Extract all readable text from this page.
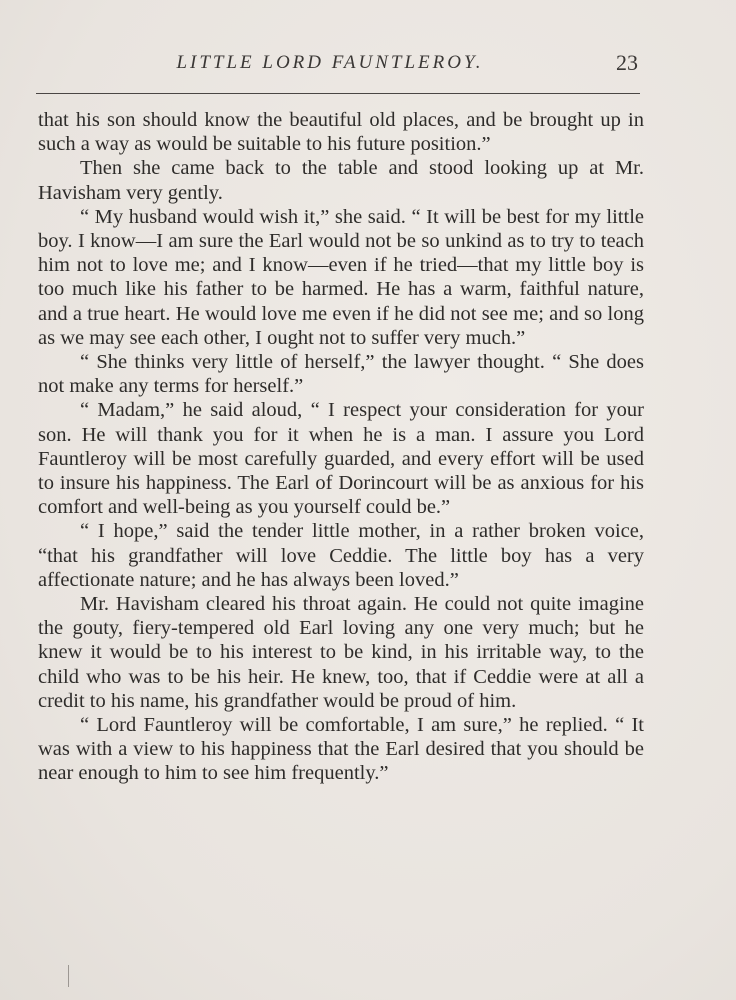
LITTLE LORD FAUNTLEROY.	23

that his son should know the beautiful old places, and be brought up in such a way as would be suitable to his future position.”

Then she came back to the table and stood looking up at Mr. Havisham very gently.

“ My husband would wish it,” she said. “ It will be best for my little boy. I know—I am sure the Earl would not be so unkind as to try to teach him not to love me; and I know—even if he tried—that my little boy is too much like his father to be harmed. He has a warm, faithful nature, and a true heart. He would love me even if he did not see me; and so long as we may see each other, I ought not to suffer very much.”

“ She thinks very little of herself,” the lawyer thought. “ She does not make any terms for herself.”

“ Madam,” he said aloud, “ I respect your consideration for your son. He will thank you for it when he is a man. I assure you Lord Fauntleroy will be most carefully guarded, and every effort will be used to insure his happiness. The Earl of Dorincourt will be as anxious for his comfort and well-being as you yourself could be.”

“ I hope,” said the tender little mother, in a rather broken voice, “that his grandfather will love Ceddie. The little boy has a very affectionate nature; and he has always been loved.”

Mr. Havisham cleared his throat again. He could not quite imagine the gouty, fiery-tempered old Earl loving any one very much; but he knew it would be to his interest to be kind, in his irritable way, to the child who was to be his heir. He knew, too, that if Ceddie were at all a credit to his name, his grandfather would be proud of him.

“ Lord Fauntleroy will be comfortable, I am sure,” he replied. “ It was with a view to his happiness that the Earl desired that you should be near enough to him to see him frequently.”
